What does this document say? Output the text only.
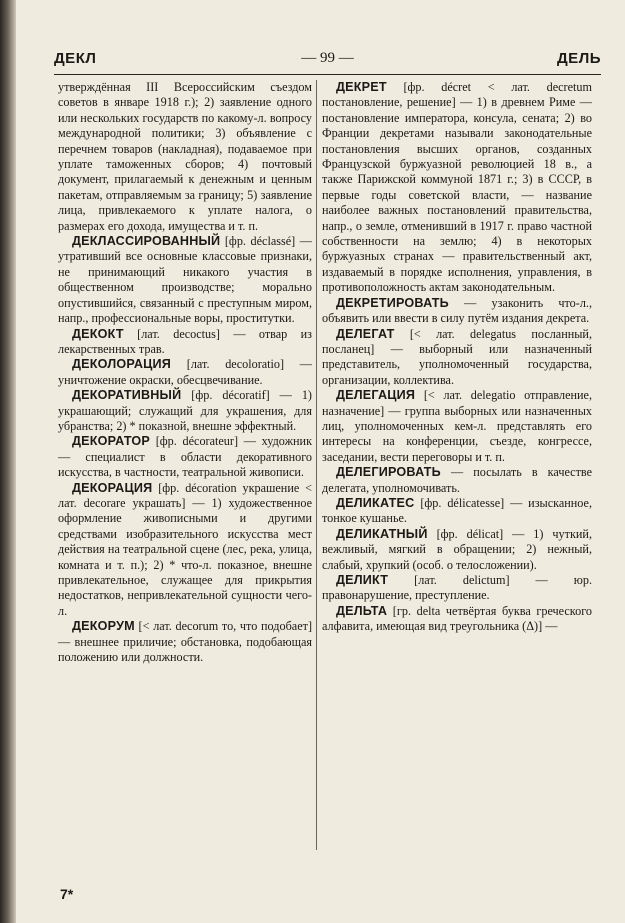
ДЕКЛ	— 99 —	ДЕЛЬ

утверждённая III Всероссийским съездом советов в январе 1918 г.); 2) заявление одного или нескольких государств по какому-л. вопросу международной политики; 3) объявление с перечнем товаров (накладная), подаваемое при уплате таможенных сборов; 4) почтовый документ, прилагаемый к денежным и ценным пакетам, отправляемым за границу; 5) заявление лица, привлекаемого к уплате налога, о размерах его дохода, имущества и т. п.

ДЕКЛАССИРОВАННЫЙ [фр. déclassé] — утративший все основные классовые признаки, не принимающий никакого участия в общественном производстве; морально опустившийся, связанный с преступным миром, напр., профессиональные воры, проститутки.

ДЕКОКТ [лат. decoctus] — отвар из лекарственных трав.

ДЕКОЛОРАЦИЯ [лат. decoloratio] — уничтожение окраски, обесцвечивание.

ДЕКОРАТИВНЫЙ [фр. décoratif] — 1) украшающий; служащий для украшения, для убранства; 2) * показной, внешне эффектный.

ДЕКОРАТОР [фр. décorateur] — художник — специалист в области декоративного искусства, в частности, театральной живописи.

ДЕКОРАЦИЯ [фр. décoration украшение < лат. decorare украшать] — 1) художественное оформление живописными и другими средствами изобразительного искусства мест действия на театральной сцене (лес, река, улица, комната и т. п.); 2) * что-л. показное, внешне привлекательное, служащее для прикрытия недостатков, непривлекательной сущности чего-л.

ДЕКОРУМ [< лат. decorum то, что подобает] — внешнее приличие; обстановка, подобающая положению или должности.

ДЕКРЕТ [фр. décret < лат. decretum постановление, решение] — 1) в древнем Риме — постановление императора, консула, сената; 2) во Франции декретами называли законодательные постановления высших органов, созданных Французской буржуазной революцией 18 в., а также Парижской коммуной 1871 г.; 3) в СССР, в первые годы советской власти, — название наиболее важных постановлений правительства, напр., о земле, отменивший в 1917 г. право частной собственности на землю; 4) в некоторых буржуазных странах — правительственный акт, издаваемый в порядке исполнения, управления, в противоположность актам законодательным.

ДЕКРЕТИРОВАТЬ — узаконить что-л., объявить или ввести в силу путём издания декрета.

ДЕЛЕГАТ [< лат. delegatus посланный, посланец] — выборный или назначенный представитель, уполномоченный государства, организации, коллектива.

ДЕЛЕГАЦИЯ [< лат. delegatio отправление, назначение] — группа выборных или назначенных лиц, уполномоченных кем-л. представлять его интересы на конференции, съезде, конгрессе, заседании, вести переговоры и т. п.

ДЕЛЕГИРОВАТЬ — посылать в качестве делегата, уполномочивать.

ДЕЛИКАТЕС [фр. délicatesse] — изысканное, тонкое кушанье.

ДЕЛИКАТНЫЙ [фр. délicat] — 1) чуткий, вежливый, мягкий в обращении; 2) нежный, слабый, хрупкий (особ. о телосложении).

ДЕЛИКТ [лат. delictum] — юр. правонарушение, преступление.

ДЕЛЬТА [гр. delta четвёртая буква греческого алфавита, имеющая вид треугольника (Δ)] —

7*
